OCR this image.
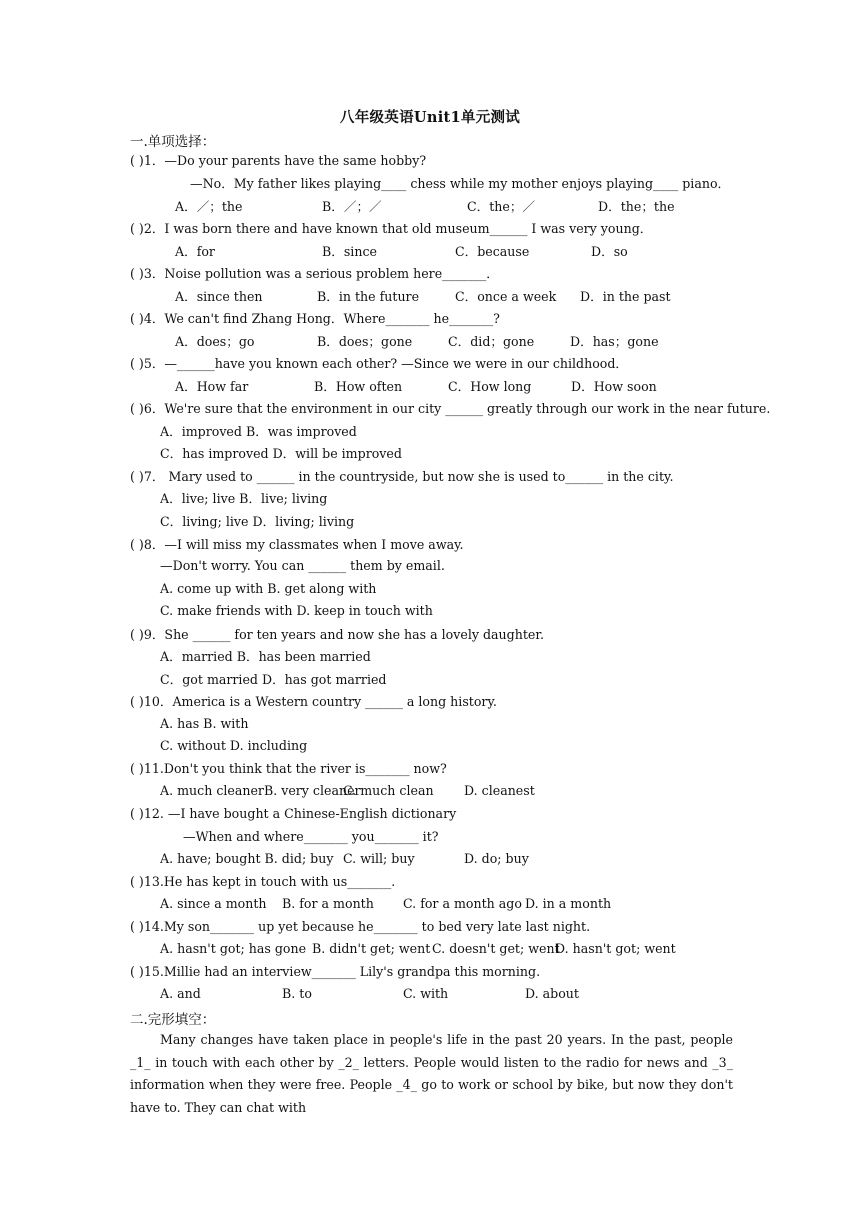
八年级英语Unit1单元测试
一.单项选择：
( )1．—Do your parents have the same hobby?
—No．My father likes playing____ chess while my mother enjoys playing____ piano．
A．／；the	B．／；／	C．the；／	D．the；the
( )2．I was born there and have known that old museum______ I was very young．
A．for	B．since	C．because	D．so
( )3．Noise pollution was a serious problem here_______．
A．since then	B．in the future	C．once a week D．in the past
( )4．We can't find Zhang Hong．Where_______ he_______?
A．does；go	B．does；gone	C．did；gone	D．has；gone
( )5．—______have you known each other? —Since we were in our childhood．
A．How far	B．How often	C．How long	D．How soon
( )6．We're sure that the environment in our city ______ greatly through our work in the near future.
A．improved B．was improved
C．has improved D．will be improved
( )7． Mary used to ______ in the countryside, but now she is used to______ in the city.
A．live; live B．live; living
C．living; live D．living; living
( )8．—I will miss my classmates when I move away.
—Don't worry. You can ______ them by email.
A. come up with B. get along with
C. make friends with D. keep in touch with
( )9．She ______ for ten years and now she has a lovely daughter.
A．married B．has been married
C．got married D．has got married
( )10．America is a Western country ______ a long history.
A. has B. with
C. without D. including
( )11.Don't you think that the river is_______ now?
A. much cleanerB. very cleaner
C. much clean D. cleanest
( )12. —I have bought a Chinese-English dictionary
—When and where_______ you_______ it?
A. have; bought B. did; buy C. will; buy	D. do; buy
( )13.He has kept in touch with us_______.
A. since a month B. for a month C. for a month ago D. in a month
( )14.My son_______ up yet because he_______ to bed very late last night.
A. hasn't got; has gone B. didn't get; went C. doesn't get; went
D. hasn't got; went
( )15.Millie had an interview_______ Lily's grandpa this morning.
A. and	B. to	C. with	D. about
二.完形填空：
Many changes have taken place in people's life in the past 20 years. In the past, people _1_ in touch with each other by _2_ letters. People would listen to the radio for news and _3_ information when they were free. People _4_ go to work or school by bike, but now they don't have to. They can chat with
